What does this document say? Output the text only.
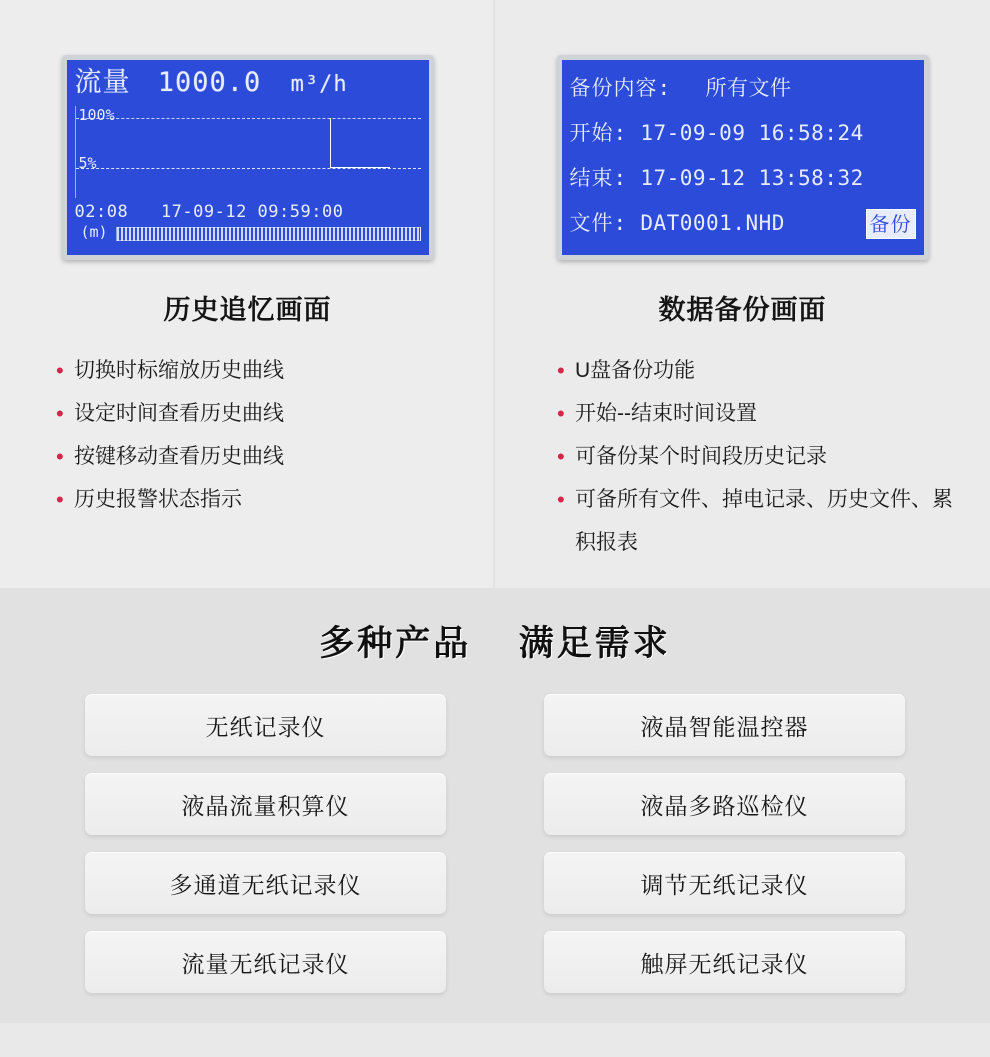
流量 1000.0 m³/h
100%
5%
02:08 17-09-12 09:59:00
(m)
历史追忆画面
• 切换时标缩放历史曲线
• 设定时间查看历史曲线
• 按键移动查看历史曲线
• 历史报警状态指示
备份内容: 所有文件
开始: 17-09-09 16:58:24
结束: 17-09-12 13:58:32
文件: DAT0001.NHD	备份
数据备份画面
• U盘备份功能
• 开始--结束时间设置
• 可备份某个时间段历史记录
• 可备所有文件、掉电记录、历史文件、累积报表
多种产品 满足需求
无纸记录仪	液晶智能温控器
液晶流量积算仪	液晶多路巡检仪
多通道无纸记录仪	调节无纸记录仪
流量无纸记录仪	触屏无纸记录仪
